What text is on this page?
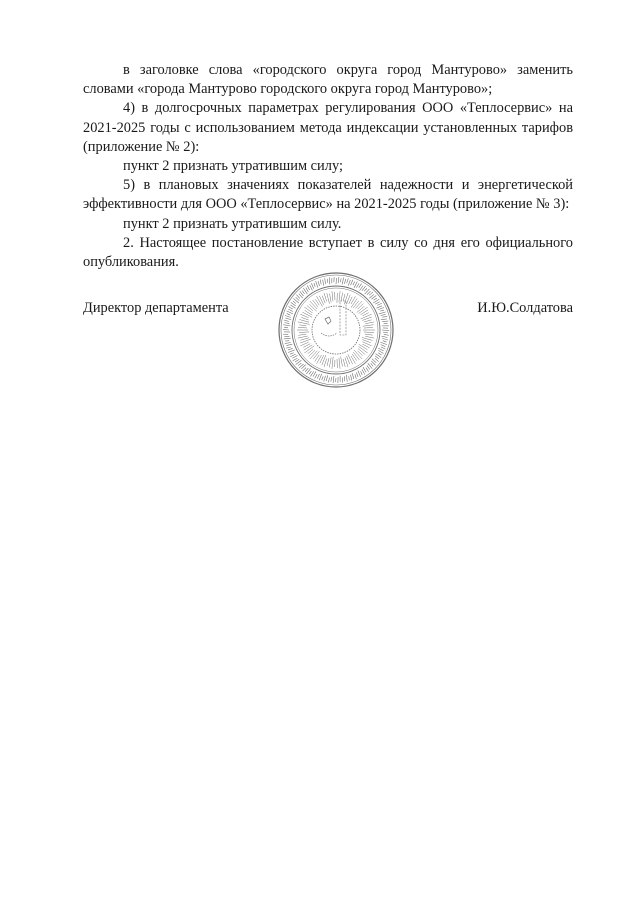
в заголовке слова «городского округа город Мантурово» заменить словами «города Мантурово городского округа город Мантурово»;

4) в долгосрочных параметрах регулирования ООО «Теплосервис» на 2021-2025 годы с использованием метода индексации установленных тарифов (приложение № 2):

пункт 2 признать утратившим силу;

5) в плановых значениях показателей надежности и энергетической эффективности для ООО «Теплосервис» на 2021-2025 годы (приложение № 3):

пункт 2 признать утратившим силу.

2. Настоящее постановление вступает в силу со дня его официального опубликования.

Директор департамента	И.Ю.Солдатова
